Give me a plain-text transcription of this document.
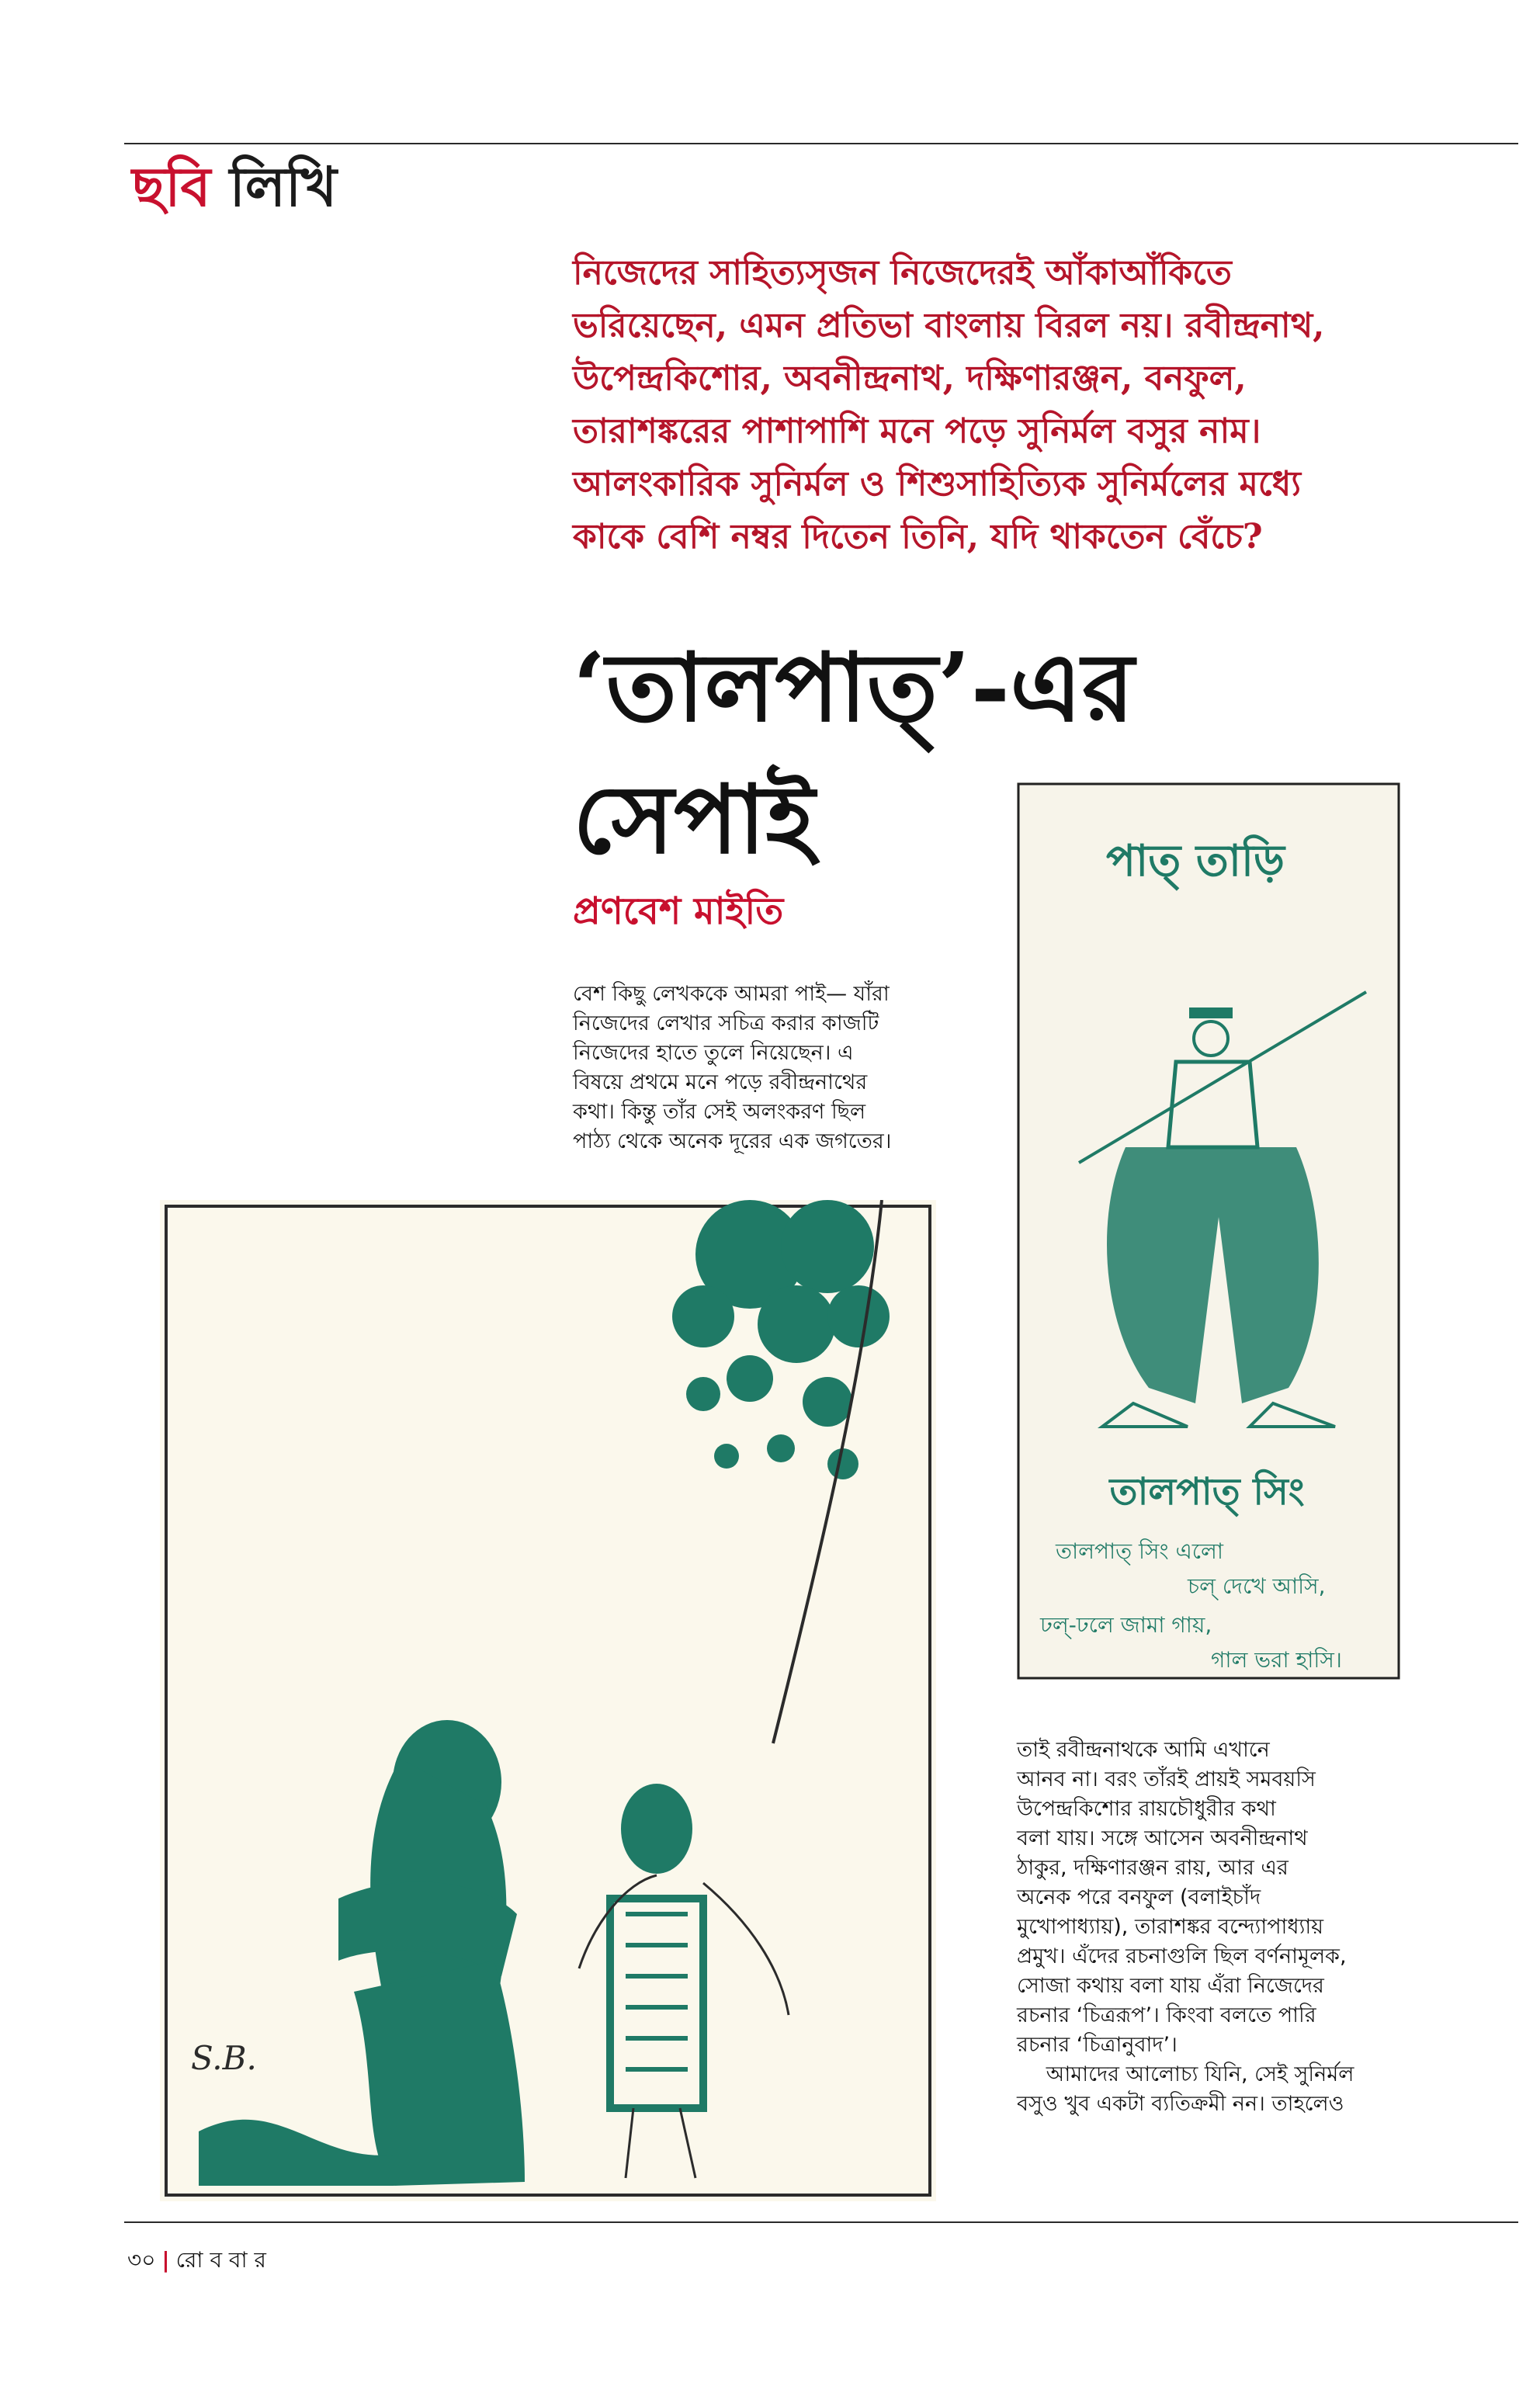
ছবি লিখি

নিজেদের সাহিত্যসৃজন নিজেদেরই আঁকাআঁকিতে
ভরিয়েছেন, এমন প্রতিভা বাংলায় বিরল নয়। রবীন্দ্রনাথ,
উপেন্দ্রকিশোর, অবনীন্দ্রনাথ, দক্ষিণারঞ্জন, বনফুল,
তারাশঙ্করের পাশাপাশি মনে পড়ে সুনির্মল বসুর নাম।
আলংকারিক সুনির্মল ও শিশুসাহিত্যিক সুনির্মলের মধ্যে
কাকে বেশি নম্বর দিতেন তিনি, যদি থাকতেন বেঁচে?

‘তালপাত্’-এর
সেপাই
প্রণবেশ মাইতি

বেশ কিছু লেখককে আমরা পাই— যাঁরা
নিজেদের লেখার সচিত্র করার কাজটি
নিজেদের হাতে তুলে নিয়েছেন। এ
বিষয়ে প্রথমে মনে পড়ে রবীন্দ্রনাথের
কথা। কিন্তু তাঁর সেই অলংকরণ ছিল
পাঠ্য থেকে অনেক দূরের এক জগতের।

S.B.
পাত্ তাড়ি
তালপাত্ সিং
তালপাত্ সিং এলো
চল্ দেখে আসি,
ঢল্-ঢলে জামা গায়,
গাল ভরা হাসি।

তাই রবীন্দ্রনাথকে আমি এখানে
আনব না। বরং তাঁরই প্রায়ই সমবয়সি
উপেন্দ্রকিশোর রায়চৌধুরীর কথা
বলা যায়। সঙ্গে আসেন অবনীন্দ্রনাথ
ঠাকুর, দক্ষিণারঞ্জন রায়, আর এর
অনেক পরে বনফুল (বলাইচাঁদ
মুখোপাধ্যায়), তারাশঙ্কর বন্দ্যোপাধ্যায়
প্রমুখ। এঁদের রচনাগুলি ছিল বর্ণনামূলক,
সোজা কথায় বলা যায় এঁরা নিজেদের
রচনার ‘চিত্ররূপ’। কিংবা বলতে পারি
রচনার ‘চিত্রানুবাদ’।

আমাদের আলোচ্য যিনি, সেই সুনির্মল
বসুও খুব একটা ব্যতিক্রমী নন। তাহলেও

৩০ | রো ব বা র
